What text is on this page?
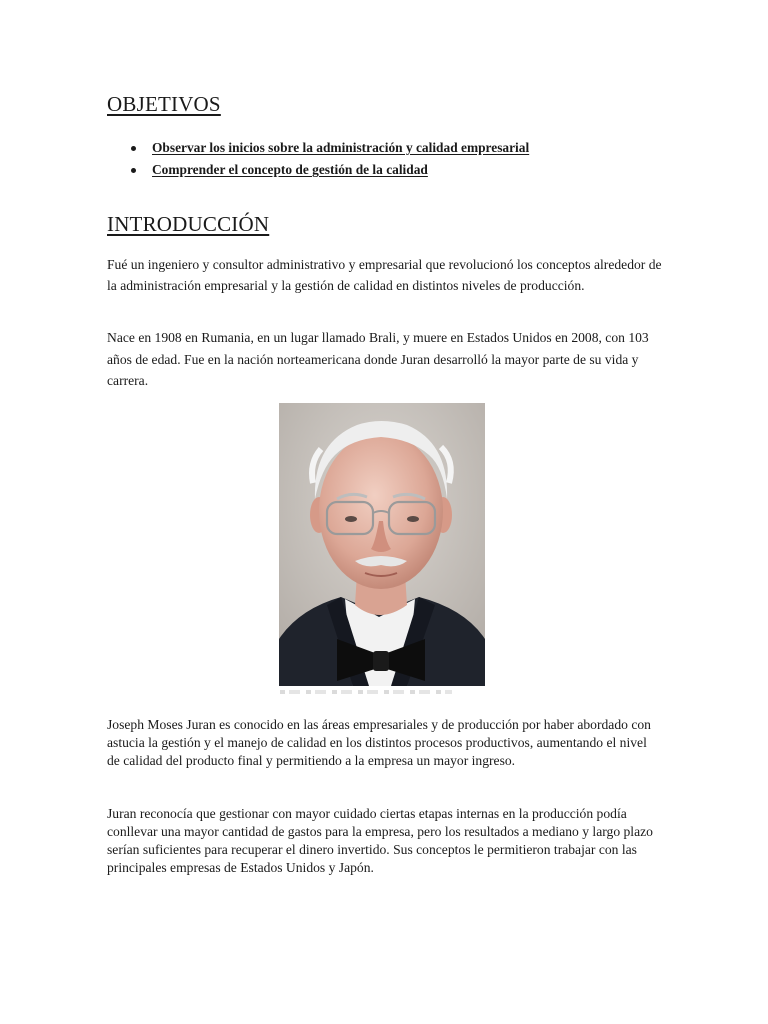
OBJETIVOS
Observar los inicios sobre la administración y calidad empresarial
Comprender el concepto de gestión de la calidad
INTRODUCCIÓN

Fué un ingeniero y consultor administrativo y empresarial que revolucionó los conceptos alrededor de la administración empresarial y la gestión de calidad en distintos niveles de producción.

Nace en 1908 en Rumania, en un lugar llamado Brali, y muere en Estados Unidos en 2008, con 103 años de edad. Fue en la nación norteamericana donde Juran desarrolló la mayor parte de su vida y carrera.

Joseph Moses Juran es conocido en las áreas empresariales y de producción por haber abordado con astucia la gestión y el manejo de calidad en los distintos procesos productivos, aumentando el nivel de calidad del producto final y permitiendo a la empresa un mayor ingreso.

Juran reconocía que gestionar con mayor cuidado ciertas etapas internas en la producción podía conllevar una mayor cantidad de gastos para la empresa, pero los resultados a mediano y largo plazo serían suficientes para recuperar el dinero invertido. Sus conceptos le permitieron trabajar con las principales empresas de Estados Unidos y Japón.
